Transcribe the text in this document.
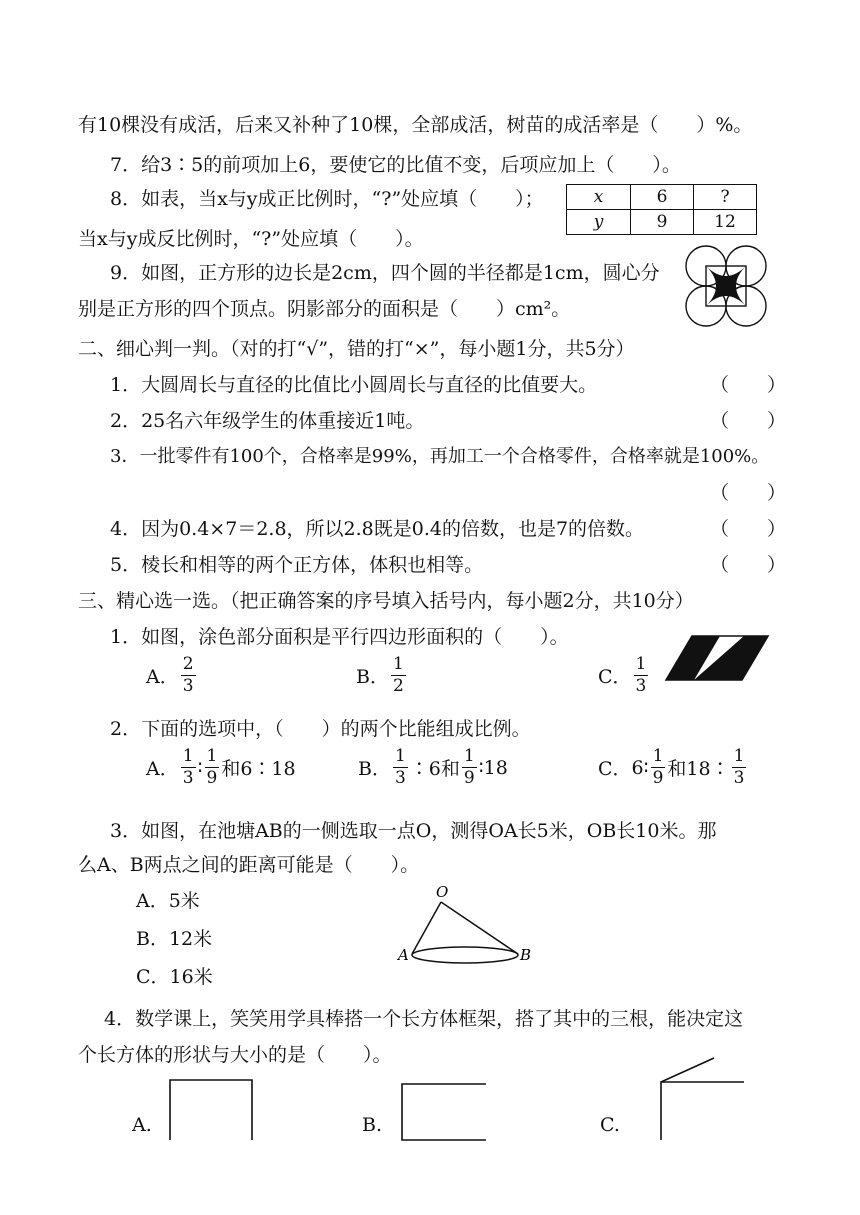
有10棵没有成活，后来又补种了10棵，全部成活，树苗的成活率是（　　）%。
7．给3∶5的前项加上6，要使它的比值不变，后项应加上（　　）。
8．如表，当x与y成正比例时，“?”处应填（　　）；
当x与y成反比例时，“?”处应填（　　）。
x	6	?
y	9	12
9．如图，正方形的边长是2cm，四个圆的半径都是1cm，圆心分
别是正方形的四个顶点。阴影部分的面积是（　　）cm²。
二、细心判一判。（对的打“√”，错的打“×”，每小题1分，共5分）
1．大圆周长与直径的比值比小圆周长与直径的比值要大。	（　　）
2．25名六年级学生的体重接近1吨。	（　　）
3．一批零件有100个，合格率是99%，再加工一个合格零件，合格率就是100%。
（　　）
4．因为0.4×7＝2.8，所以2.8既是0.4的倍数，也是7的倍数。	（　　）
5．棱长和相等的两个正方体，体积也相等。	（　　）
三、精心选一选。（把正确答案的序号填入括号内，每小题2分，共10分）
1．如图，涂色部分面积是平行四边形面积的（　　）。
A． $\frac{2}{3}$	B． $\frac{1}{2}$	C． $\frac{1}{3}$
2．下面的选项中，（　　）的两个比能组成比例。
A． $\frac{1}{3}$ ∶ $\frac{1}{9}$ 和6∶18	B． $\frac{1}{3}$ ∶6和 $\frac{1}{9}$ ∶18	C． 6∶ $\frac{1}{9}$ 和18∶ $\frac{1}{3}$
3．如图，在池塘AB的一侧选取一点O，测得OA长5米，OB长10米。那
么A、B两点之间的距离可能是（　　）。
A．5米
B．12米
C．16米
O
A	B
4．数学课上，笑笑用学具棒搭一个长方体框架，搭了其中的三根，能决定这
个长方体的形状与大小的是（　　）。
A.	B.	C.
